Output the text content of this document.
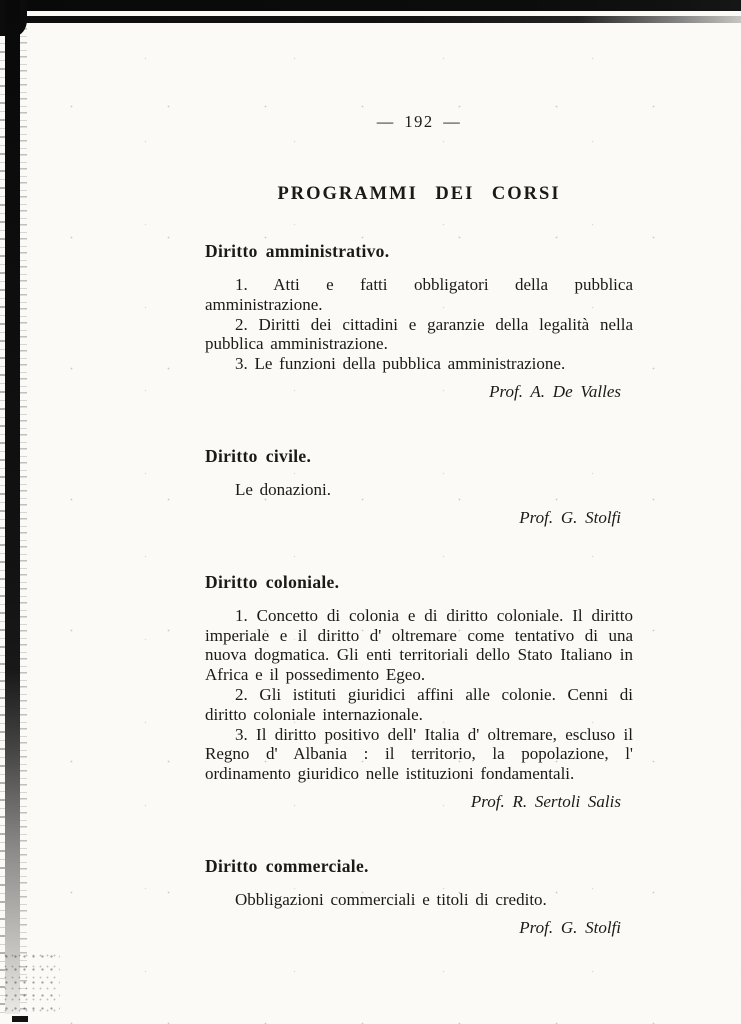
— 192 —
PROGRAMMI DEI CORSI
Diritto amministrativo.

1. Atti e fatti obbligatori della pubblica amministrazione.

2. Diritti dei cittadini e garanzie della legalità nella pubblica amministrazione.

3. Le funzioni della pubblica amministrazione.

Prof. A. De Valles

Diritto civile.

Le donazioni.

Prof. G. Stolfi

Diritto coloniale.

1. Concetto di colonia e di diritto coloniale. Il diritto imperiale e il diritto d' oltremare come tentativo di una nuova dogmatica. Gli enti territoriali dello Stato Italiano in Africa e il possedimento Egeo.

2. Gli istituti giuridici affini alle colonie. Cenni di diritto coloniale internazionale.

3. Il diritto positivo dell' Italia d' oltremare, escluso il Regno d' Albania : il territorio, la popolazione, l' ordinamento giuridico nelle istituzioni fondamentali.

Prof. R. Sertoli Salis

Diritto commerciale.

Obbligazioni commerciali e titoli di credito.

Prof. G. Stolfi
